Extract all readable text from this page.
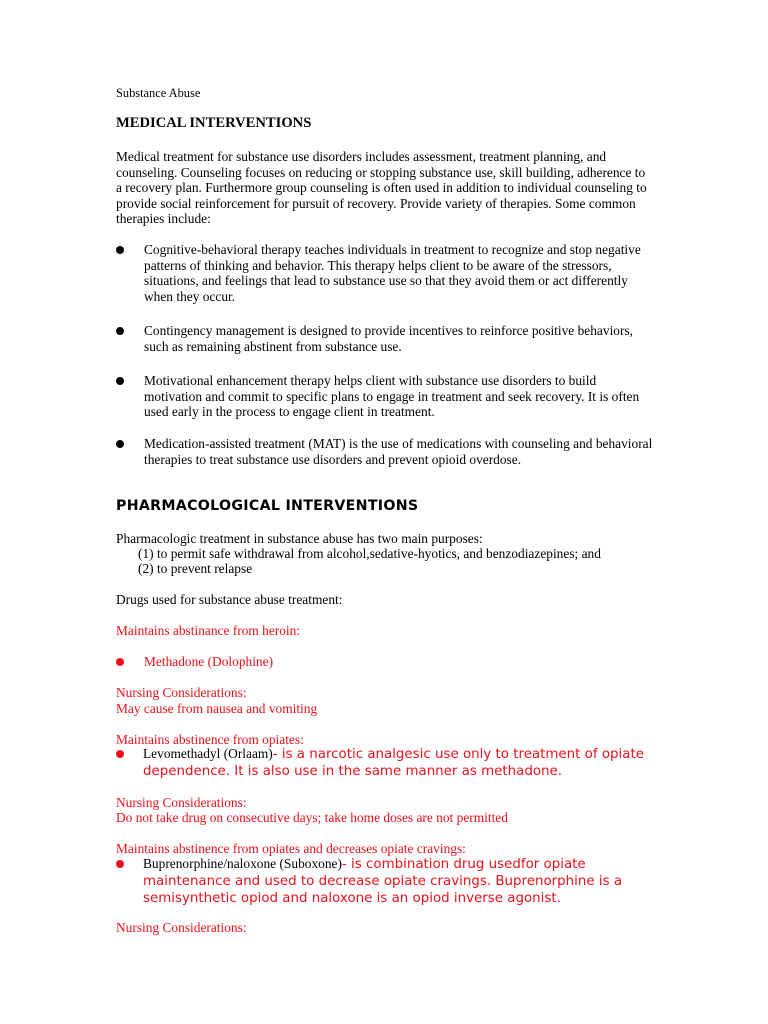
Substance Abuse
MEDICAL INTERVENTIONS

Medical treatment for substance use disorders includes assessment, treatment planning, and counseling. Counseling focuses on reducing or stopping substance use, skill building, adherence to a recovery plan. Furthermore group counseling is often used in addition to individual counseling to provide social reinforcement for pursuit of recovery. Provide variety of therapies. Some common therapies include:

Cognitive-behavioral therapy teaches individuals in treatment to recognize and stop negative patterns of thinking and behavior. This therapy helps client to be aware of the stressors, situations, and feelings that lead to substance use so that they avoid them or act differently when they occur.
Contingency management is designed to provide incentives to reinforce positive behaviors, such as remaining abstinent from substance use.
Motivational enhancement therapy helps client with substance use disorders to build motivation and commit to specific plans to engage in treatment and seek recovery. It is often used early in the process to engage client in treatment.
Medication-assisted treatment (MAT) is the use of medications with counseling and behavioral therapies to treat substance use disorders and prevent opioid overdose.
PHARMACOLOGICAL INTERVENTIONS
Pharmacologic treatment in substance abuse has two main purposes:
(1) to permit safe withdrawal from alcohol,sedative-hyotics, and benzodiazepines; and
(2) to prevent relapse
Drugs used for substance abuse treatment:
Maintains abstinance from heroin:
Methadone (Dolophine)
Nursing Considerations:
May cause from nausea and vomiting
Maintains abstinence from opiates:
Levomethadyl (Orlaam)- is a narcotic analgesic use only to treatment of opiate dependence. It is also use in the same manner as methadone.
Nursing Considerations:
Do not take drug on consecutive days; take home doses are not permitted
Maintains abstinence from opiates and decreases opiate cravings:
Buprenorphine/naloxone (Suboxone)- is combination drug usedfor opiate maintenance and used to decrease opiate cravings. Buprenorphine is a semisynthetic opiod and naloxone is an opiod inverse agonist.
Nursing Considerations:
